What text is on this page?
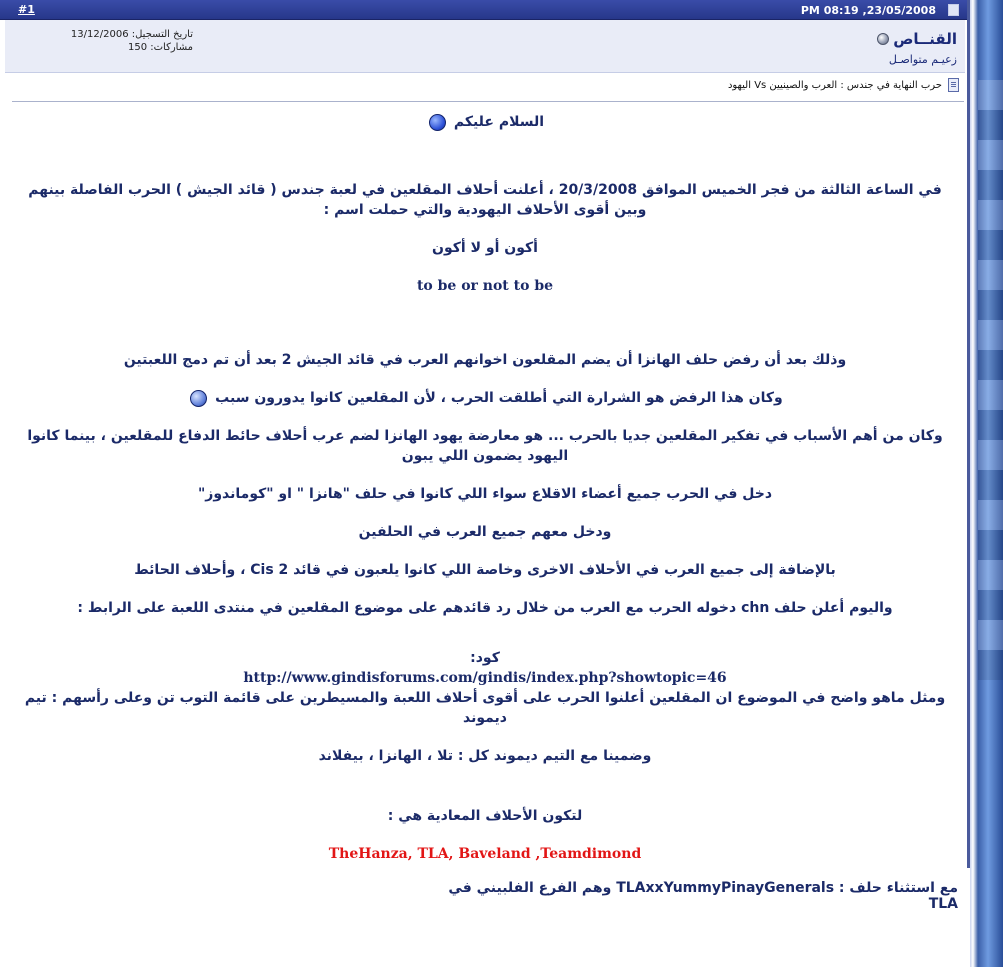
#1	PM 08:19 ,23/05/2008
تاريخ التسجيل: 13/12/2006
مشاركات: 150	القنــاص
زعيـم متواصـل
حرب النهاية في جندس : العرب والصينيين Vs اليهود

السلام عليكم

في الساعة الثالثة من فجر الخميس الموافق 20/3/2008 ، أعلنت أحلاف المقلعين في لعبة جندس ( قائد الجيش ) الحرب الفاصلة بينهم وبين أقوى الأحلاف اليهودية والتي حملت اسم :

أكون أو لا أكون

to be or not to be

وذلك بعد أن رفض حلف الهانزا أن يضم المقلعون اخوانهم العرب في قائد الجيش 2 بعد أن تم دمج اللعبتين

وكان هذا الرفض هو الشرارة التي أطلقت الحرب ، لأن المقلعين كانوا يدورون سبب

وكان من أهم الأسباب في تفكير المقلعين جديا بالحرب ... هو معارضة يهود الهانزا لضم عرب أحلاف حائط الدفاع للمقلعين ، بينما كانوا اليهود يضمون اللي يبون

دخل في الحرب جميع أعضاء الاقلاع سواء اللي كانوا في حلف "هانزا " او "كوماندوز"

ودخل معهم جميع العرب في الحلفين

بالإضافة إلى جميع العرب في الأحلاف الاخرى وخاصة اللي كانوا يلعبون في قائد Cis 2 ، وأحلاف الحائط

واليوم أعلن حلف chn دخوله الحرب مع العرب من خلال رد قائدهم على موضوع المقلعين في منتدى اللعبة على الرابط :

كود:

http://www.gindisforums.com/gindis/index.php?showtopic=46

ومثل ماهو واضح في الموضوع ان المقلعين أعلنوا الحرب على أقوى أحلاف اللعبة والمسيطرين على قائمة التوب تن وعلى رأسهم : تيم ديموند

وضمينا مع التيم ديموند كل : تلا ، الهانزا ، بيفلاند

لتكون الأحلاف المعادية هي :

TheHanza, TLA, Baveland ,Teamdimond

مع استثناء حلف : TLAxxYummyPinayGenerals وهم الفرع الفلبيني في TLA
